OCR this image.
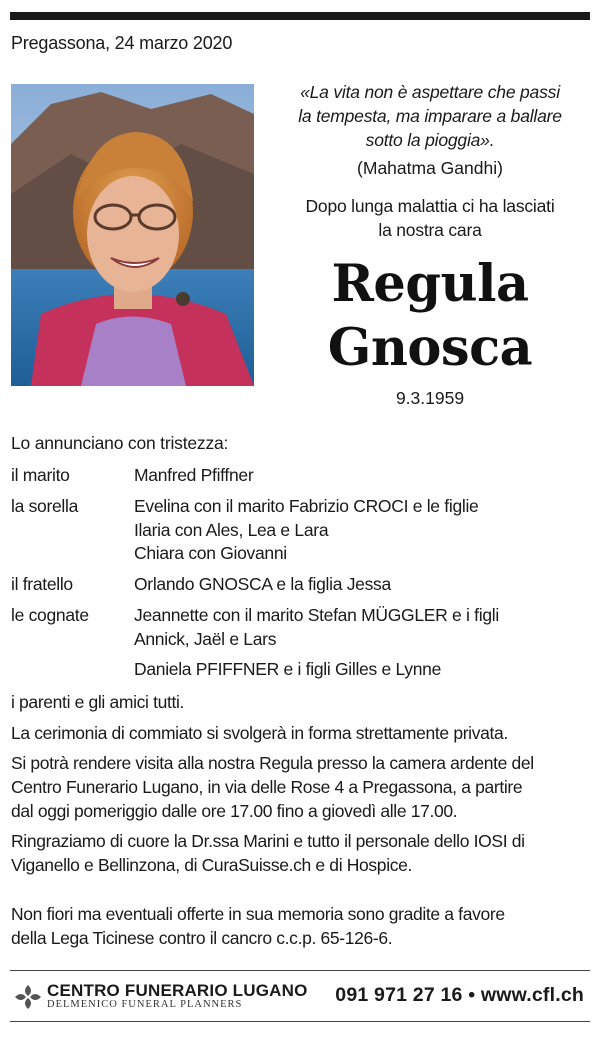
Pregassona, 24 marzo 2020
«La vita non è aspettare che passi
la tempesta, ma imparare a ballare
sotto la pioggia».
(Mahatma Gandhi)
Dopo lunga malattia ci ha lasciati
la nostra cara
Regula
Gnosca
9.3.1959
Lo annunciano con tristezza:
il marito	Manfred Pfiffner
la sorella	Evelina con il marito Fabrizio CROCI e le figlie
Ilaria con Ales, Lea e Lara
Chiara con Giovanni
il fratello	Orlando GNOSCA e la figlia Jessa
le cognate	Jeannette con il marito Stefan MÜGGLER e i figli
Annick, Jaël e Lars
Daniela PFIFFNER e i figli Gilles e Lynne
i parenti e gli amici tutti.
La cerimonia di commiato si svolgerà in forma strettamente privata.
Si potrà rendere visita alla nostra Regula presso la camera ardente del
Centro Funerario Lugano, in via delle Rose 4 a Pregassona, a partire
dal oggi pomeriggio dalle ore 17.00 fino a giovedì alle 17.00.
Ringraziamo di cuore la Dr.ssa Marini e tutto il personale dello IOSI di
Viganello e Bellinzona, di CuraSuisse.ch e di Hospice.
Non fiori ma eventuali offerte in sua memoria sono gradite a favore
della Lega Ticinese contro il cancro c.c.p. 65-126-6.
CENTRO FUNERARIO LUGANO
DELMENICO FUNERAL PLANNERS	091 971 27 16 • www.cfl.ch
